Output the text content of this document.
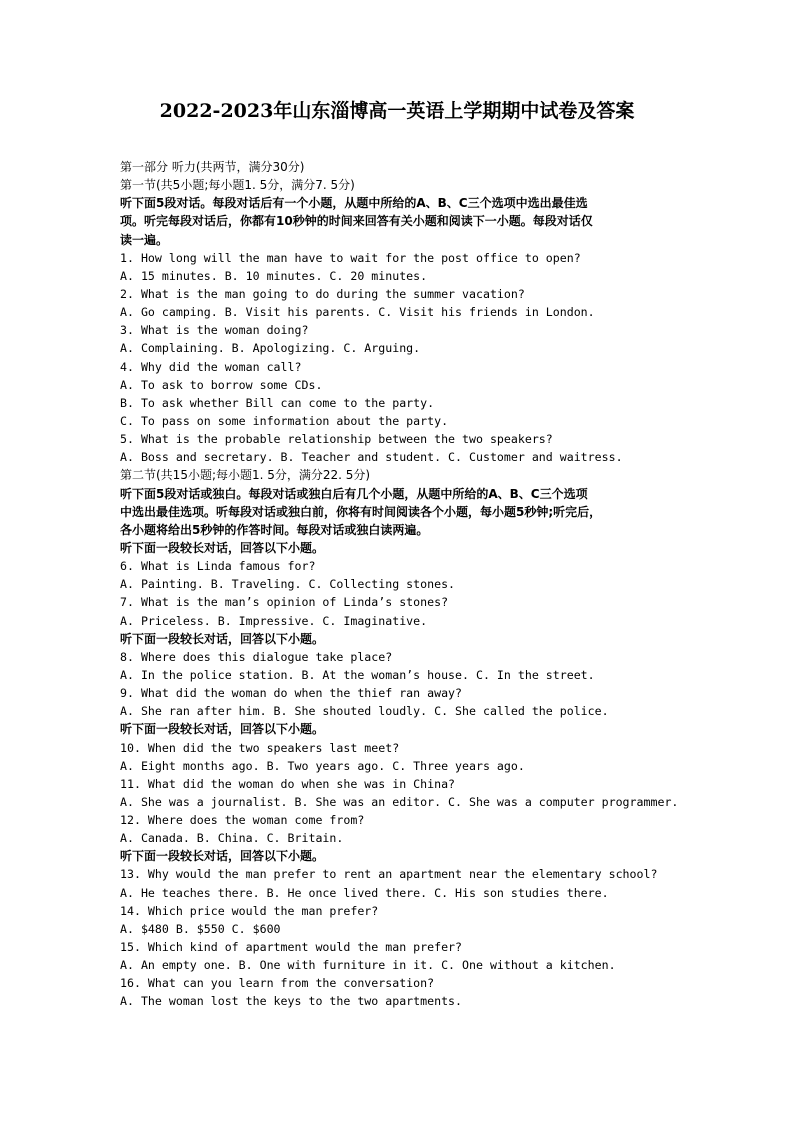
2022-2023年山东淄博高一英语上学期期中试卷及答案
第一部分 听力(共两节，满分30分)
第一节(共5小题;每小题1. 5分，满分7. 5分)
听下面5段对话。每段对话后有一个小题，从题中所给的A、B、C三个选项中选出最佳选
项。听完每段对话后，你都有10秒钟的时间来回答有关小题和阅读下一小题。每段对话仅
读一遍。
1. How long will the man have to wait for the post office to open?
A. 15 minutes. B. 10 minutes. C. 20 minutes.
2. What is the man going to do during the summer vacation?
A. Go camping. B. Visit his parents. C. Visit his friends in London.
3. What is the woman doing?
A. Complaining. B. Apologizing. C. Arguing.
4. Why did the woman call?
A. To ask to borrow some CDs.
B. To ask whether Bill can come to the party.
C. To pass on some information about the party.
5. What is the probable relationship between the two speakers?
A. Boss and secretary. B. Teacher and student. C. Customer and waitress.
第二节(共15小题;每小题1. 5分，满分22. 5分)
听下面5段对话或独白。每段对话或独白后有几个小题，从题中所给的A、B、C三个选项
中选出最佳选项。听每段对话或独白前，你将有时间阅读各个小题，每小题5秒钟;听完后，
各小题将给出5秒钟的作答时间。每段对话或独白读两遍。
听下面一段较长对话，回答以下小题。
6. What is Linda famous for?
A. Painting. B. Traveling. C. Collecting stones.
7. What is the man’s opinion of Linda’s stones?
A. Priceless. B. Impressive. C. Imaginative.
听下面一段较长对话，回答以下小题。
8. Where does this dialogue take place?
A. In the police station. B. At the woman’s house. C. In the street.
9. What did the woman do when the thief ran away?
A. She ran after him. B. She shouted loudly. C. She called the police.
听下面一段较长对话，回答以下小题。
10. When did the two speakers last meet?
A. Eight months ago. B. Two years ago. C. Three years ago.
11. What did the woman do when she was in China?
A. She was a journalist. B. She was an editor. C. She was a computer programmer.
12. Where does the woman come from?
A. Canada. B. China. C. Britain.
听下面一段较长对话，回答以下小题。
13. Why would the man prefer to rent an apartment near the elementary school?
A. He teaches there. B. He once lived there. C. His son studies there.
14. Which price would the man prefer?
A. $480 B. $550 C. $600
15. Which kind of apartment would the man prefer?
A. An empty one. B. One with furniture in it. C. One without a kitchen.
16. What can you learn from the conversation?
A. The woman lost the keys to the two apartments.
